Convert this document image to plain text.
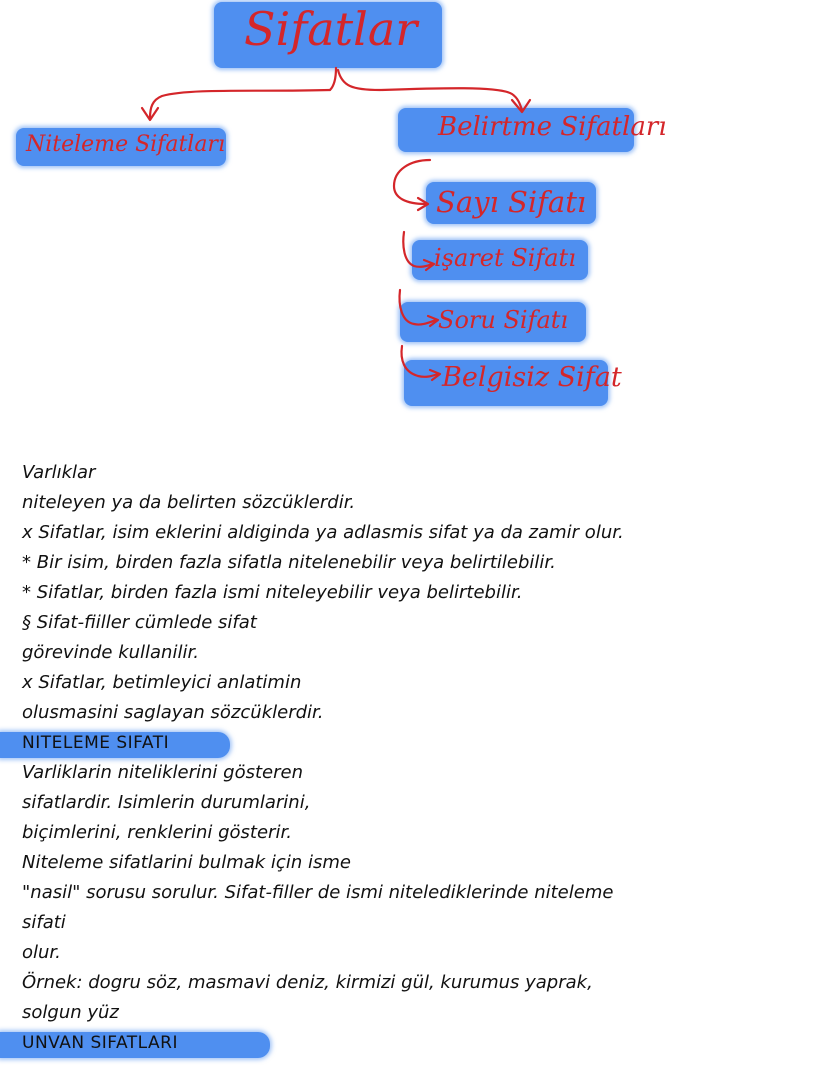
Sifatlar
Niteleme Sifatları
Belirtme Sifatları
Sayı Sifatı
işaret Sifatı
Soru Sifatı
Belgisiz Sifat
Varlıklar
niteleyen ya da belirten sözcüklerdir.
x Sifatlar, isim eklerini aldiginda ya adlasmis sifat ya da zamir olur.
* Bir isim, birden fazla sifatla nitelenebilir veya belirtilebilir.
* Sifatlar, birden fazla ismi niteleyebilir veya belirtebilir.
§ Sifat-fiiller cümlede sifat
görevinde kullanilir.
x Sifatlar, betimleyici anlatimin
olusmasini saglayan sözcüklerdir.
NITELEME SIFATI
Varliklarin niteliklerini gösteren
sifatlardir. Isimlerin durumlarini,
biçimlerini, renklerini gösterir.
Niteleme sifatlarini bulmak için isme
"nasil" sorusu sorulur. Sifat-filler de ismi nitelediklerinde niteleme
sifati
olur.
Örnek: dogru söz, masmavi deniz, kirmizi gül, kurumus yaprak,
solgun yüz
UNVAN SIFATLARI
